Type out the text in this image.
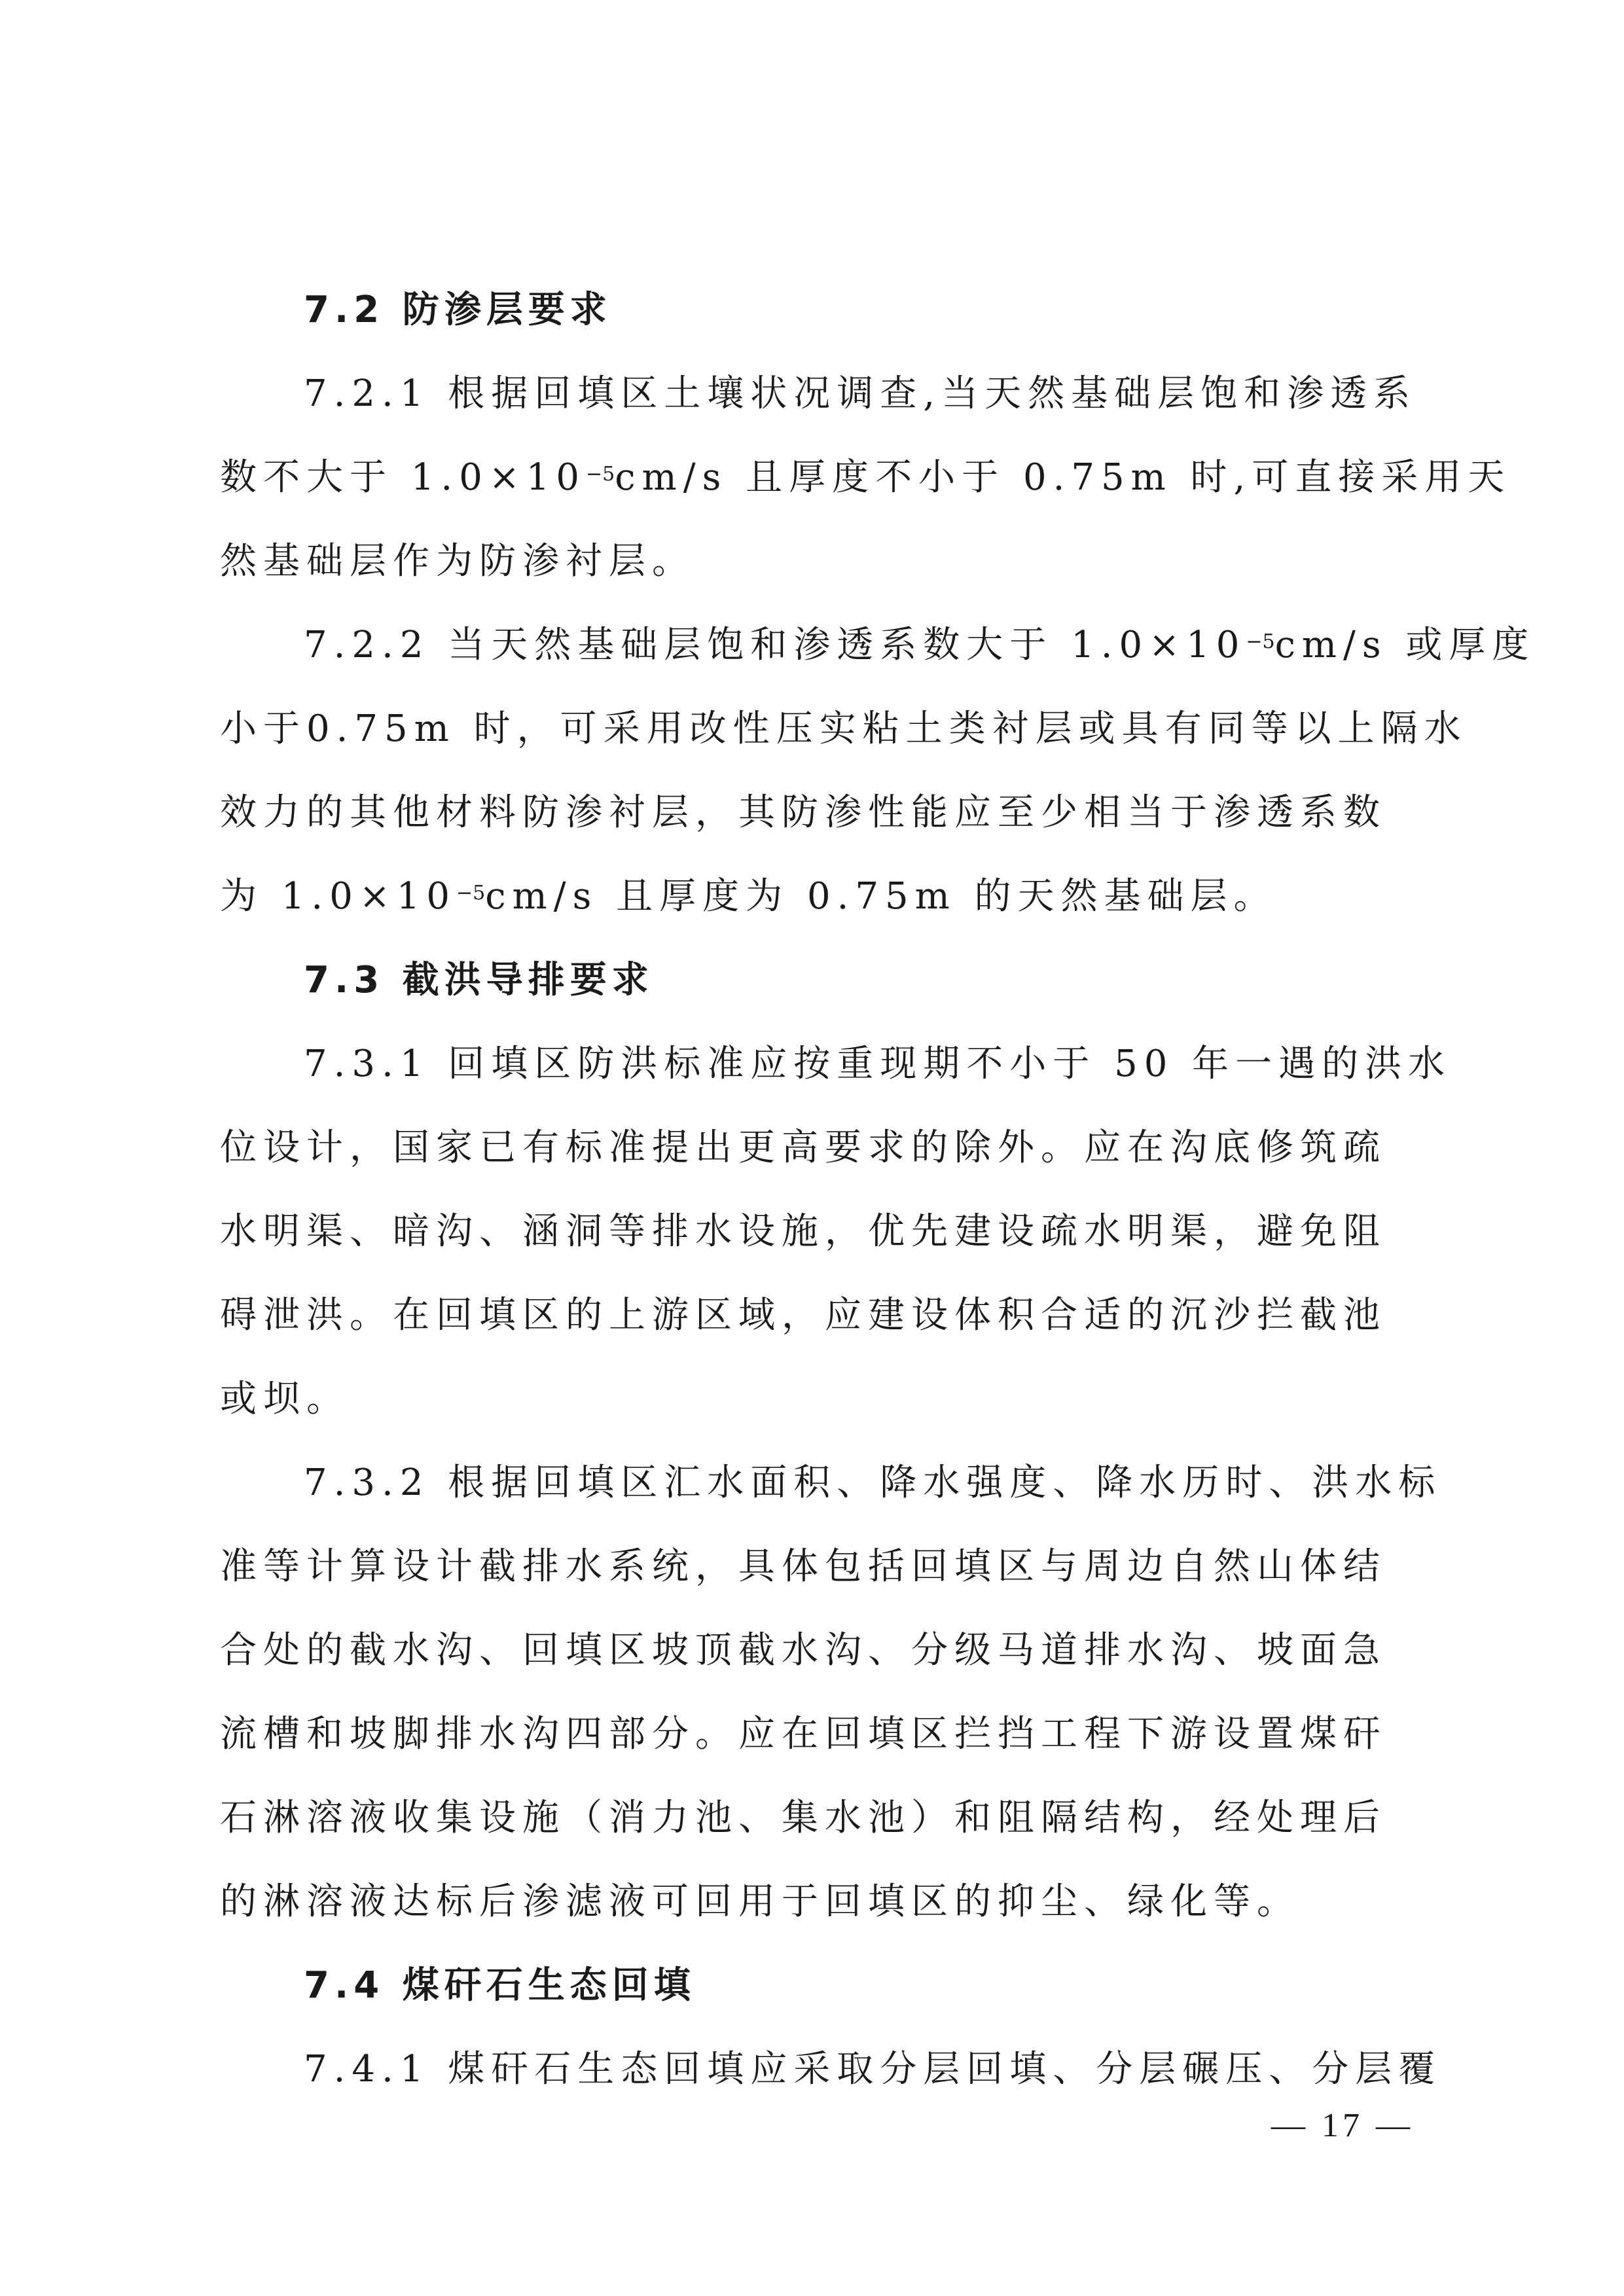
7.2 防渗层要求
7.2.1 根据回填区土壤状况调查,当天然基础层饱和渗透系
数不大于 $1.0\times 10^{-5}cm/s$ 且厚度不小于 0.75m 时,可直接采用天
然基础层作为防渗衬层。
7.2.2 当天然基础层饱和渗透系数大于 $1.0\times 10^{-5}cm/s$ 或厚度
小于0.75m 时，可采用改性压实粘土类衬层或具有同等以上隔水
效力的其他材料防渗衬层，其防渗性能应至少相当于渗透系数
为 $1.0\times 10^{-5}cm/s$ 且厚度为 0.75m 的天然基础层。
7.3 截洪导排要求
7.3.1 回填区防洪标准应按重现期不小于 50 年一遇的洪水
位设计，国家已有标准提出更高要求的除外。应在沟底修筑疏
水明渠、暗沟、涵洞等排水设施，优先建设疏水明渠，避免阻
碍泄洪。在回填区的上游区域，应建设体积合适的沉沙拦截池
或坝。
7.3.2 根据回填区汇水面积、降水强度、降水历时、洪水标
准等计算设计截排水系统，具体包括回填区与周边自然山体结
合处的截水沟、回填区坡顶截水沟、分级马道排水沟、坡面急
流槽和坡脚排水沟四部分。应在回填区拦挡工程下游设置煤矸
石淋溶液收集设施（消力池、集水池）和阻隔结构，经处理后
的淋溶液达标后渗滤液可回用于回填区的抑尘、绿化等。
7.4 煤矸石生态回填
7.4.1 煤矸石生态回填应采取分层回填、分层碾压、分层覆
— 17 —
